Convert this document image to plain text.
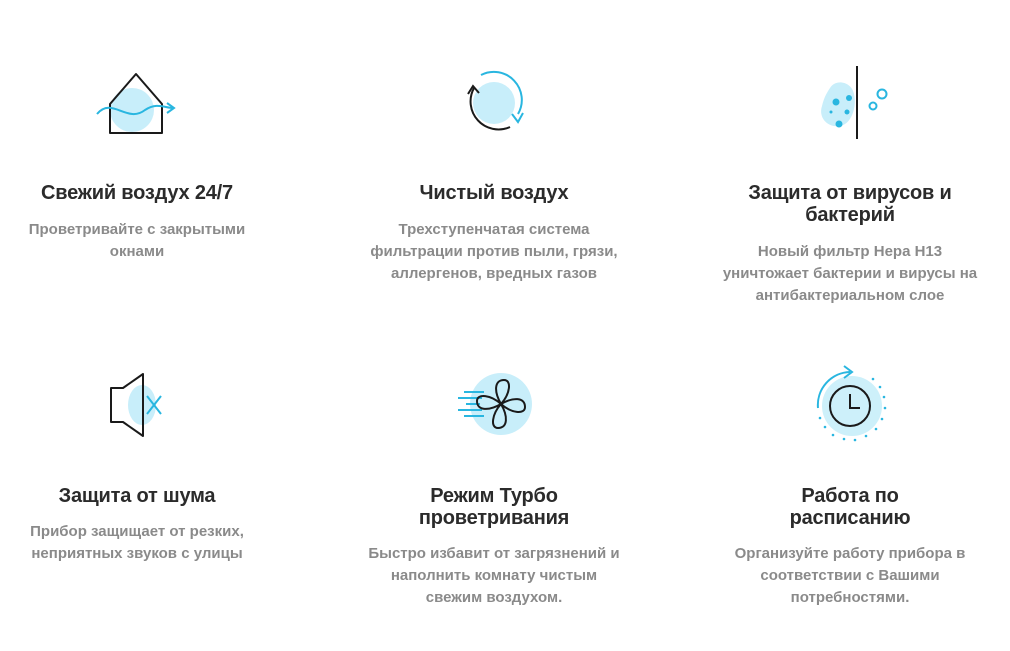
Свежий воздух 24/7
Проветривайте с закрытыми окнами
Чистый воздух
Трехступенчатая система фильтрации против пыли, грязи, аллергенов, вредных газов
Защита от вирусов и бактерий
Новый фильтр Hepa H13 уничтожает бактерии и вирусы на антибактериальном слое
Защита от шума
Прибор защищает от резких, неприятных звуков с улицы
Режим Турбо проветривания
Быстро избавит от загрязнений и наполнить комнату чистым свежим воздухом.
Работа по расписанию
Организуйте работу прибора в соответствии с Вашими потребностями.
